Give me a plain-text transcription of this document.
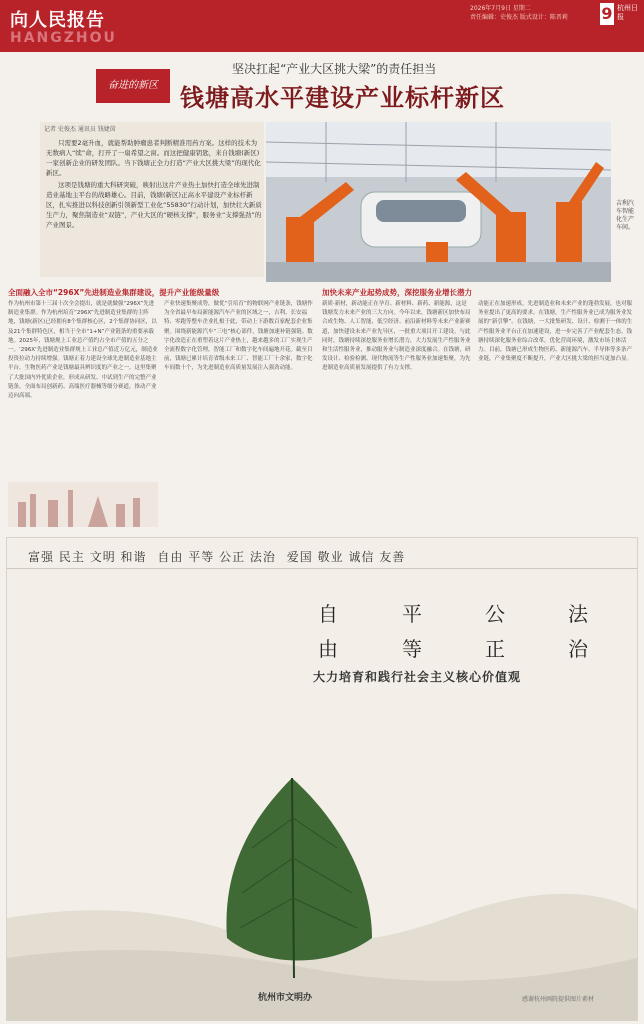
向人民报告
HANGZHOU
2026年7月9日 星期二
责任编辑：史俊杰 版式设计：陈晋莉	9 杭州日报
奋进的新区
坚决扛起“产业大区挑大梁”的责任担当
钱塘高水平建设产业标杆新区
记者 史俊杰 通讯员 钱婕茵
只需要2毫升血，就能帮助肿瘤患者判断精准用药方案。这样的技术为无数病人“续”命，打开了一扇希望之窗。而这把健康钥匙，来自钱塘(新区)一家创新企业的研发团队。当下钱塘正全力打造“产业大区挑大梁”的现代化新区。
这项是钱塘的重大科研突破，映射出这片产业热土加快打造全球先进制造业基地主平台的战略雄心。目前，钱塘(新区)正高水平建设产业标杆新区，扎实推进以科技创新引领新型工业化“55830”行动计划，加快壮大新质生产力，聚焦制造业“双链”，产业大区的“硬核支撑”，服务业“支撑强劲”的产业图景。
吉利汽车智能化生产车间。
全面融入全市“296X”先进制造业集群建设，提升产业能级量级	加快未来产业起势成势，深挖服务业增长潜力
作为杭州市第十三届十次全会提出，就是就做强“296X”先进制造业集群。作为杭州培育“296X”先进制造业集群的主阵地，钱塘(新区)已经拥有8个集群核心区，2个集群协同区，以及21个集群特色区，相当于全市“1+N”产业链条的重要承载地。2025年，钱塘规上工业总产值约占全市产值的五分之一。‘296X’先进制造业集群规上工业总产值近万亿元，制造业投资拉动力持续增强。钱塘正着力建设全球先进制造业基地主平台。生物医药产业是钱塘最具辨识度的产业之一，这里集聚了大批国内外优质企业，形成从研发、中试到生产的完整产业链条。全面布局创新药、高端医疗器械等细分赛道，推动产业迈向高端。
产业快速集聚成势，做优“引培育”的物联网产业链条，钱塘作为全省最早布局新能源汽车产业的区域之一，吉利、长安福特、零跑等整车企业扎根于此，带动上下游数百家配套企业集聚。围绕新能源汽车“三电”核心部件，钱塘加速补链强链。数字化改造正在重塑着这片产业热土，越来越多的工厂实现生产全流程数字化管理，智能工厂和数字化车间遍地开花。截至目前，钱塘已累计培育省级未来工厂、智能工厂十余家，数字化车间数十个，为先进制造业高质量发展注入强劲动能。
新质·新材，新动能正在孕育。新材料、新药、新能源，这是钱塘发力未来产业的三大方向。今年以来，钱塘新区加快布局合成生物、人工智能、低空经济、前沿新材料等未来产业新赛道，加快建设未来产业先导区，一批重大项目开工建设。与此同时，钱塘持续深挖服务业增长潜力，大力发展生产性服务业和生活性服务业，推动服务业与制造业深度融合。在钱塘，研发设计、检验检测、现代物流等生产性服务业加速集聚，为先进制造业高质量发展提供了有力支撑。
动能正在加速形成。先进制造业和未来产业的蓬勃发展，也对服务业提出了更高的要求。在钱塘，生产性服务业已成为服务业发展的“新引擎”。在钱塘，一大批集研发、设计、检测于一体的生产性服务业平台正在加速建设，进一步完善了产业配套生态。钱塘持续深化服务业综合改革，优化营商环境，激发市场主体活力。目前，钱塘已形成生物医药、新能源汽车、半导体等多条产业链，产业集聚度不断提升，产业大区挑大梁的担当更加凸显。
富强 民主 文明 和谐 自由 平等 公正 法治 爱国 敬业 诚信 友善
自	平	公	法
由	等	正	治
大力培育和践行社会主义核心价值观
杭州市文明办	感谢杭州画院提供图片素材
